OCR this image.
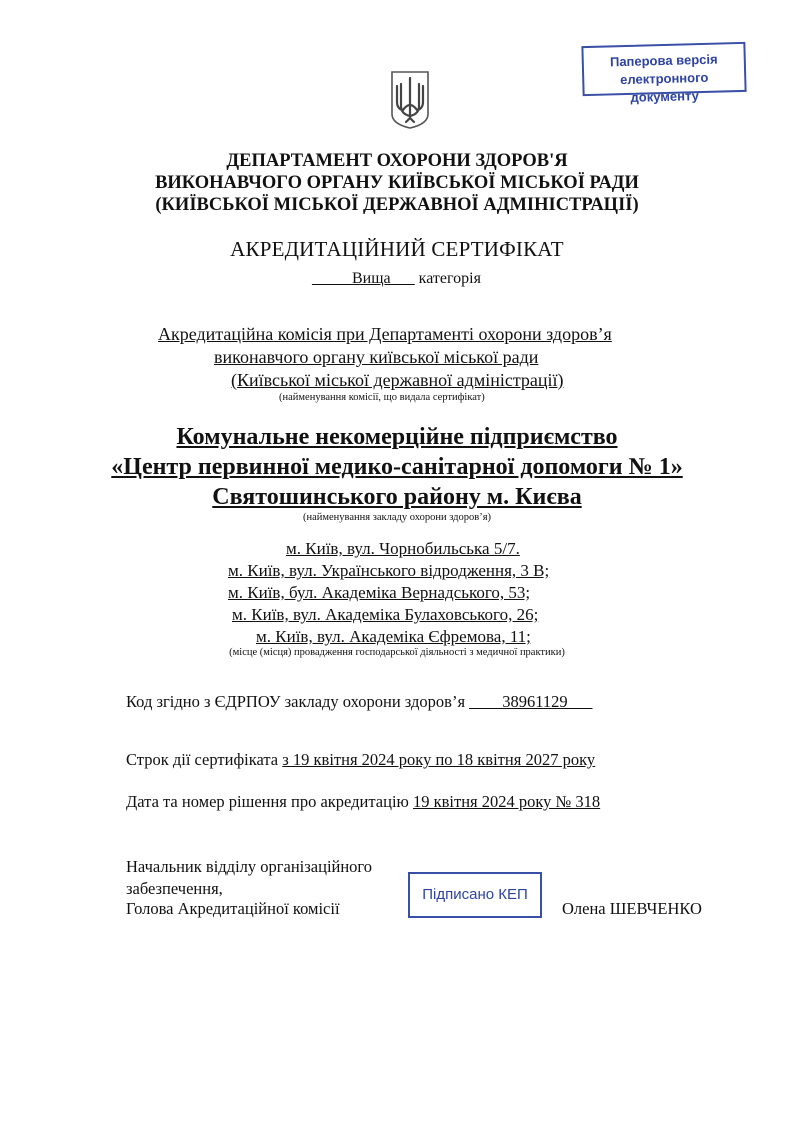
Паперова версія
електронного документу
ДЕПАРТАМЕНТ ОХОРОНИ ЗДОРОВ'Я
ВИКОНАВЧОГО ОРГАНУ КИЇВСЬКОЇ МІСЬКОЇ РАДИ
(КИЇВСЬКОЇ МІСЬКОЇ ДЕРЖАВНОЇ АДМІНІСТРАЦІЇ)
АКРЕДИТАЦІЙНИЙ СЕРТИФІКАТ
_____Вища___ категорія
Акредитаційна комісія при Департаменті охорони здоров’я
виконавчого органу київської міської ради
(Київської міської державної адміністрації)
(найменування комісії, що видала сертифікат)
Комунальне некомерційне підприємство
«Центр первинної медико-санітарної допомоги № 1»
Святошинського району м. Києва
(найменування закладу охорони здоров’я)
м. Київ, вул. Чорнобильська 5/7.
м. Київ, вул. Українського відродження, 3 В;
м. Київ, бул. Академіка Вернадського, 53;
м. Київ, вул. Академіка Булаховського, 26;
м. Київ, вул. Академіка Єфремова, 11;
(місце (місця) провадження господарської діяльності з медичної практики)
Код згідно з ЄДРПОУ закладу охорони здоров’я ____38961129___
Строк дії сертифіката з 19 квітня 2024 року по 18 квітня 2027 року
Дата та номер рішення про акредитацію 19 квітня 2024 року № 318
Начальник відділу організаційного
забезпечення,
Голова Акредитаційної комісії
Підписано КЕП
Олена ШЕВЧЕНКО
